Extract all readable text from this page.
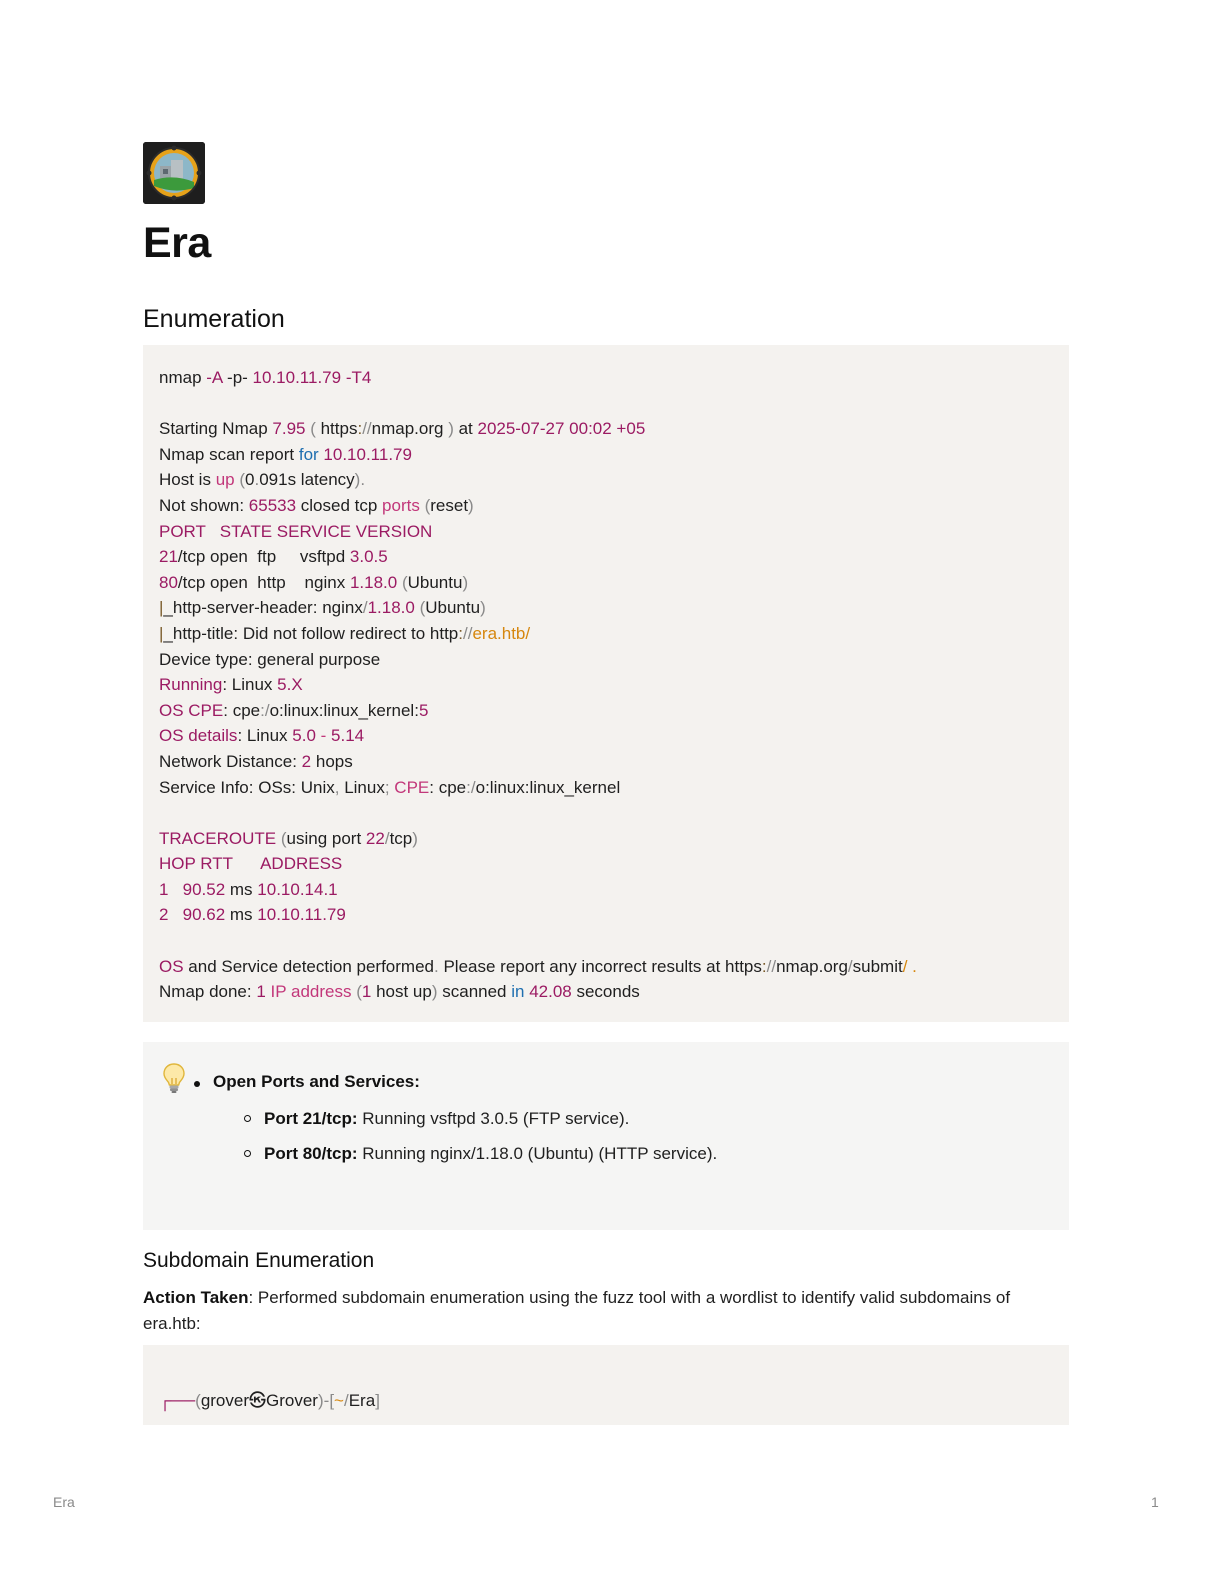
Era
Enumeration
nmap -A -p- 10.10.11.79 -T4
Starting Nmap 7.95 ( https://nmap.org ) at 2025-07-27 00:02 +05
Nmap scan report for 10.10.11.79
Host is up (0.091s latency).
Not shown: 65533 closed tcp ports (reset)
PORT   STATE SERVICE VERSION
21/tcp open  ftp     vsftpd 3.0.5
80/tcp open  http    nginx 1.18.0 (Ubuntu)
|_http-server-header: nginx/1.18.0 (Ubuntu)
|_http-title: Did not follow redirect to http://era.htb/
Device type: general purpose
Running: Linux 5.X
OS CPE: cpe:/o:linux:linux_kernel:5
OS details: Linux 5.0 - 5.14
Network Distance: 2 hops
Service Info: OSs: Unix, Linux; CPE: cpe:/o:linux:linux_kernel
TRACEROUTE (using port 22/tcp)
HOP RTT      ADDRESS
1   90.52 ms 10.10.14.1
2   90.62 ms 10.10.11.79
OS and Service detection performed. Please report any incorrect results at https://nmap.org/submit/ .
Nmap done: 1 IP address (1 host up) scanned in 42.08 seconds
Open Ports and Services:
Port 21/tcp: Running vsftpd 3.0.5 (FTP service).
Port 80/tcp: Running nginx/1.18.0 (Ubuntu) (HTTP service).
Subdomain Enumeration

Action Taken: Performed subdomain enumeration using the fuzz tool with a wordlist to identify valid subdomains of era.htb:

┌──(grover㉿Grover)-[~/Era]
Era	1
